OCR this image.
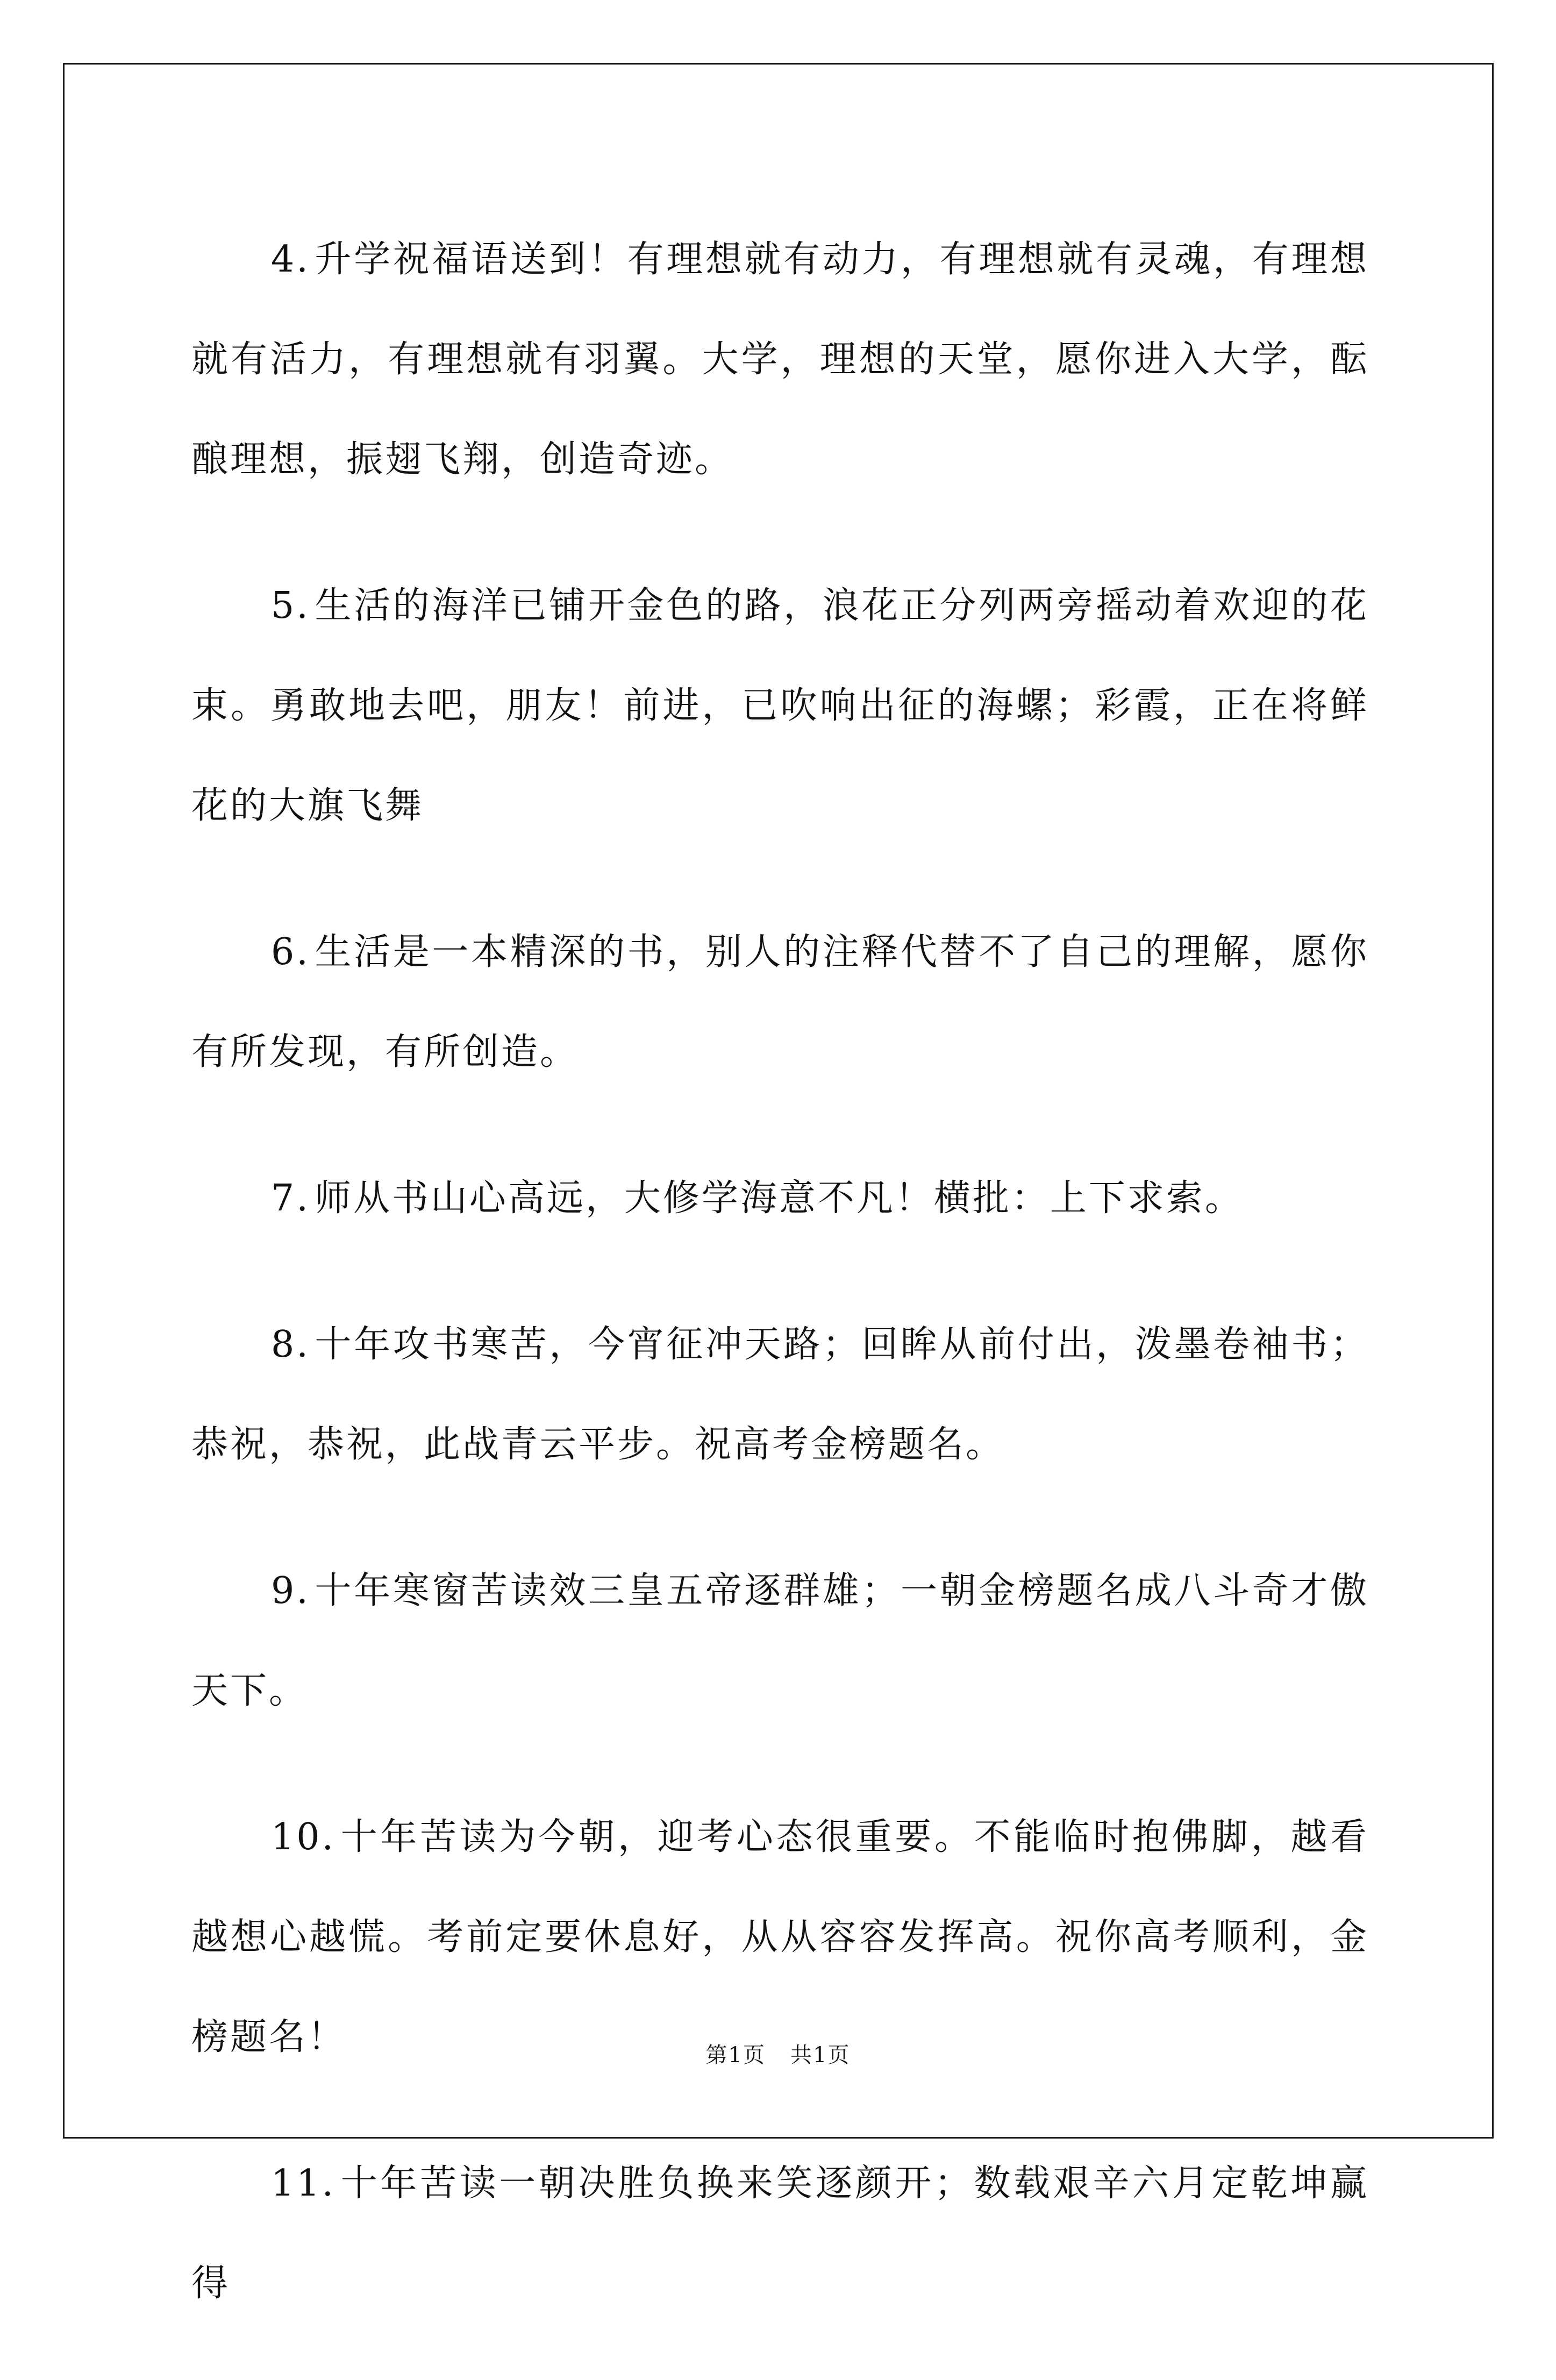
4. 升学祝福语送到！有理想就有动力，有理想就有灵魂，有理想就有活力，有理想就有羽翼。大学，理想的天堂，愿你进入大学，酝酿理想，振翅飞翔，创造奇迹。

5. 生活的海洋已铺开金色的路，浪花正分列两旁摇动着欢迎的花束。勇敢地去吧，朋友！前进，已吹响出征的海螺；彩霞，正在将鲜花的大旗飞舞

6. 生活是一本精深的书，别人的注释代替不了自己的理解，愿你有所发现，有所创造。

7. 师从书山心高远，大修学海意不凡！横批：上下求索。

8. 十年攻书寒苦，今宵征冲天路；回眸从前付出，泼墨卷袖书；恭祝，恭祝，此战青云平步。祝高考金榜题名。

9. 十年寒窗苦读效三皇五帝逐群雄；一朝金榜题名成八斗奇才傲天下。

10. 十年苦读为今朝，迎考心态很重要。不能临时抱佛脚，越看越想心越慌。考前定要休息好，从从容容发挥高。祝你高考顺利，金榜题名！

11. 十年苦读一朝决胜负换来笑逐颜开；数载艰辛六月定乾坤赢得

第1页 共1页
